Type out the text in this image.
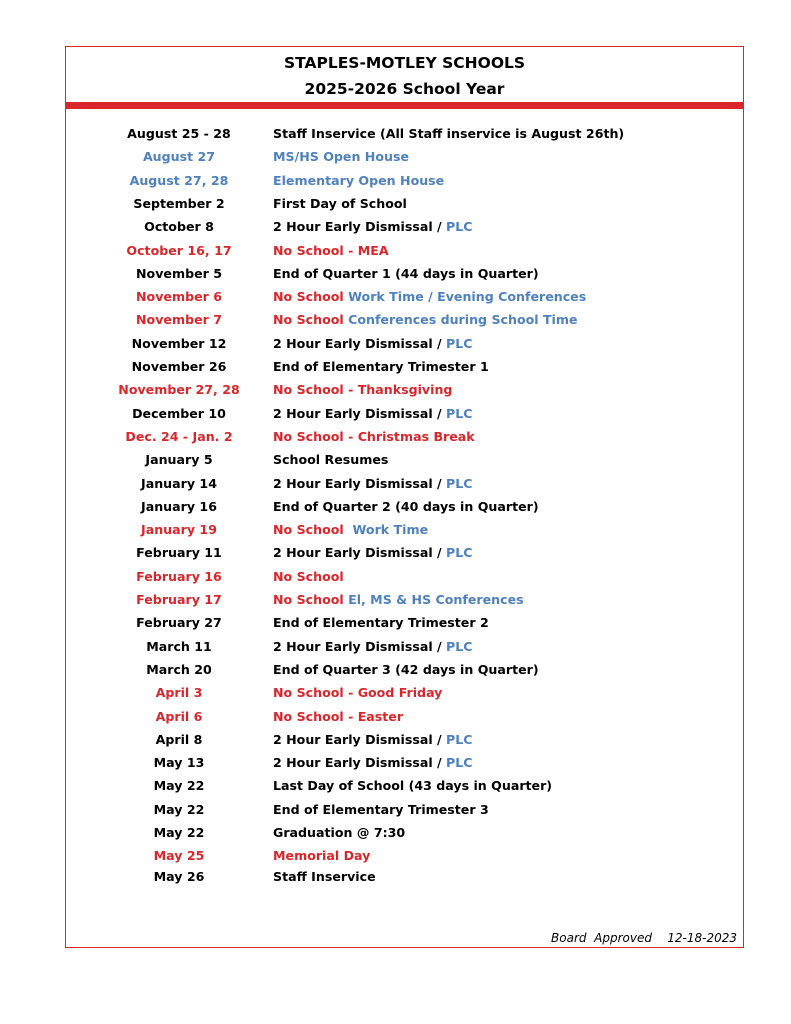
STAPLES-MOTLEY SCHOOLS
2025-2026 School Year
August 25 - 28	Staff Inservice (All Staff inservice is August 26th)
August 27	MS/HS Open House
August 27, 28	Elementary Open House
September 2	First Day of School
October 8	2 Hour Early Dismissal / PLC
October 16, 17	No School - MEA
November 5	End of Quarter 1 (44 days in Quarter)
November 6	No School Work Time / Evening Conferences
November 7	No School Conferences during School Time
November 12	2 Hour Early Dismissal / PLC
November 26	End of Elementary Trimester 1
November 27, 28	No School - Thanksgiving
December 10	2 Hour Early Dismissal / PLC
Dec. 24 - Jan. 2	No School - Christmas Break
January 5	School Resumes
January 14	2 Hour Early Dismissal / PLC
January 16	End of Quarter 2 (40 days in Quarter)
January 19	No School  Work Time
February 11	2 Hour Early Dismissal / PLC
February 16	No School
February 17	No School El, MS & HS Conferences
February 27	End of Elementary Trimester 2
March 11	2 Hour Early Dismissal / PLC
March 20	End of Quarter 3 (42 days in Quarter)
April 3	No School - Good Friday
April 6	No School - Easter
April 8	2 Hour Early Dismissal / PLC
May 13	2 Hour Early Dismissal / PLC
May 22	Last Day of School (43 days in Quarter)
May 22	End of Elementary Trimester 3
May 22	Graduation @ 7:30
May 25	Memorial Day
May 26	Staff Inservice
Board  Approved 12-18-2023
